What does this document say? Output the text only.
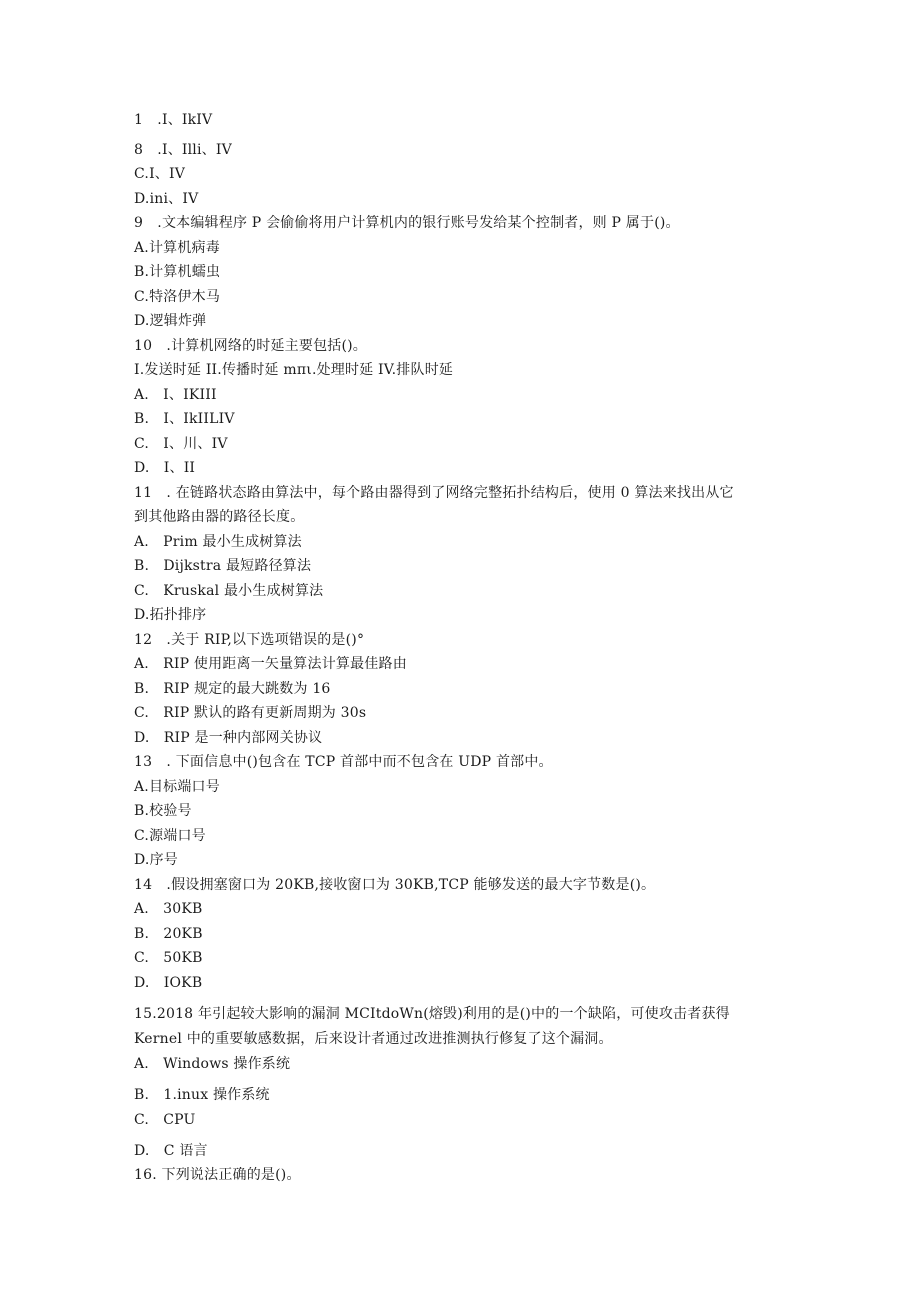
1　.I、IkIV
8　.I、Illi、IV
C.I、IV
D.ini、IV
9　.文本编辑程序 P 会偷偷将用户计算机内的银行账号发给某个控制者，则 P 属于()。
A.计算机病毒
B.计算机蠕虫
C.特洛伊木马
D.逻辑炸弹
10　.计算机网络的时延主要包括()。
I.发送时延 II.传播时延 mπι.处理时延 IV.排队时延
A.　I、IKIII
B.　I、IkIILIV
C.　I、川、IV
D.　I、II
11　. 在链路状态路由算法中，每个路由器得到了网络完整拓扑结构后，使用 0 算法来找出从它
到其他路由器的路径长度。
A.　Prim 最小生成树算法
B.　Dijkstra 最短路径算法
C.　Kruskal 最小生成树算法
D.拓扑排序
12　.关于 RIP,以下选项错误的是()°
A.　RIP 使用距离一矢量算法计算最佳路由
B.　RIP 规定的最大跳数为 16
C.　RIP 默认的路有更新周期为 30s
D.　RIP 是一种内部网关协议
13　. 下面信息中()包含在 TCP 首部中而不包含在 UDP 首部中。
A.目标端口号
B.校验号
C.源端口号
D.序号
14　.假设拥塞窗口为 20KB,接收窗口为 30KB,TCP 能够发送的最大字节数是()。
A.　30KB
B.　20KB
C.　50KB
D.　IOKB
15.2018 年引起较大影响的漏洞 MCItdoWn(熔毁)利用的是()中的一个缺陷，可使攻击者获得
Kernel 中的重要敏感数据，后来设计者通过改进推测执行修复了这个漏洞。
A.　Windows 操作系统
B.　1.inux 操作系统
C.　CPU
D.　C 语言
16. 下列说法正确的是()。
